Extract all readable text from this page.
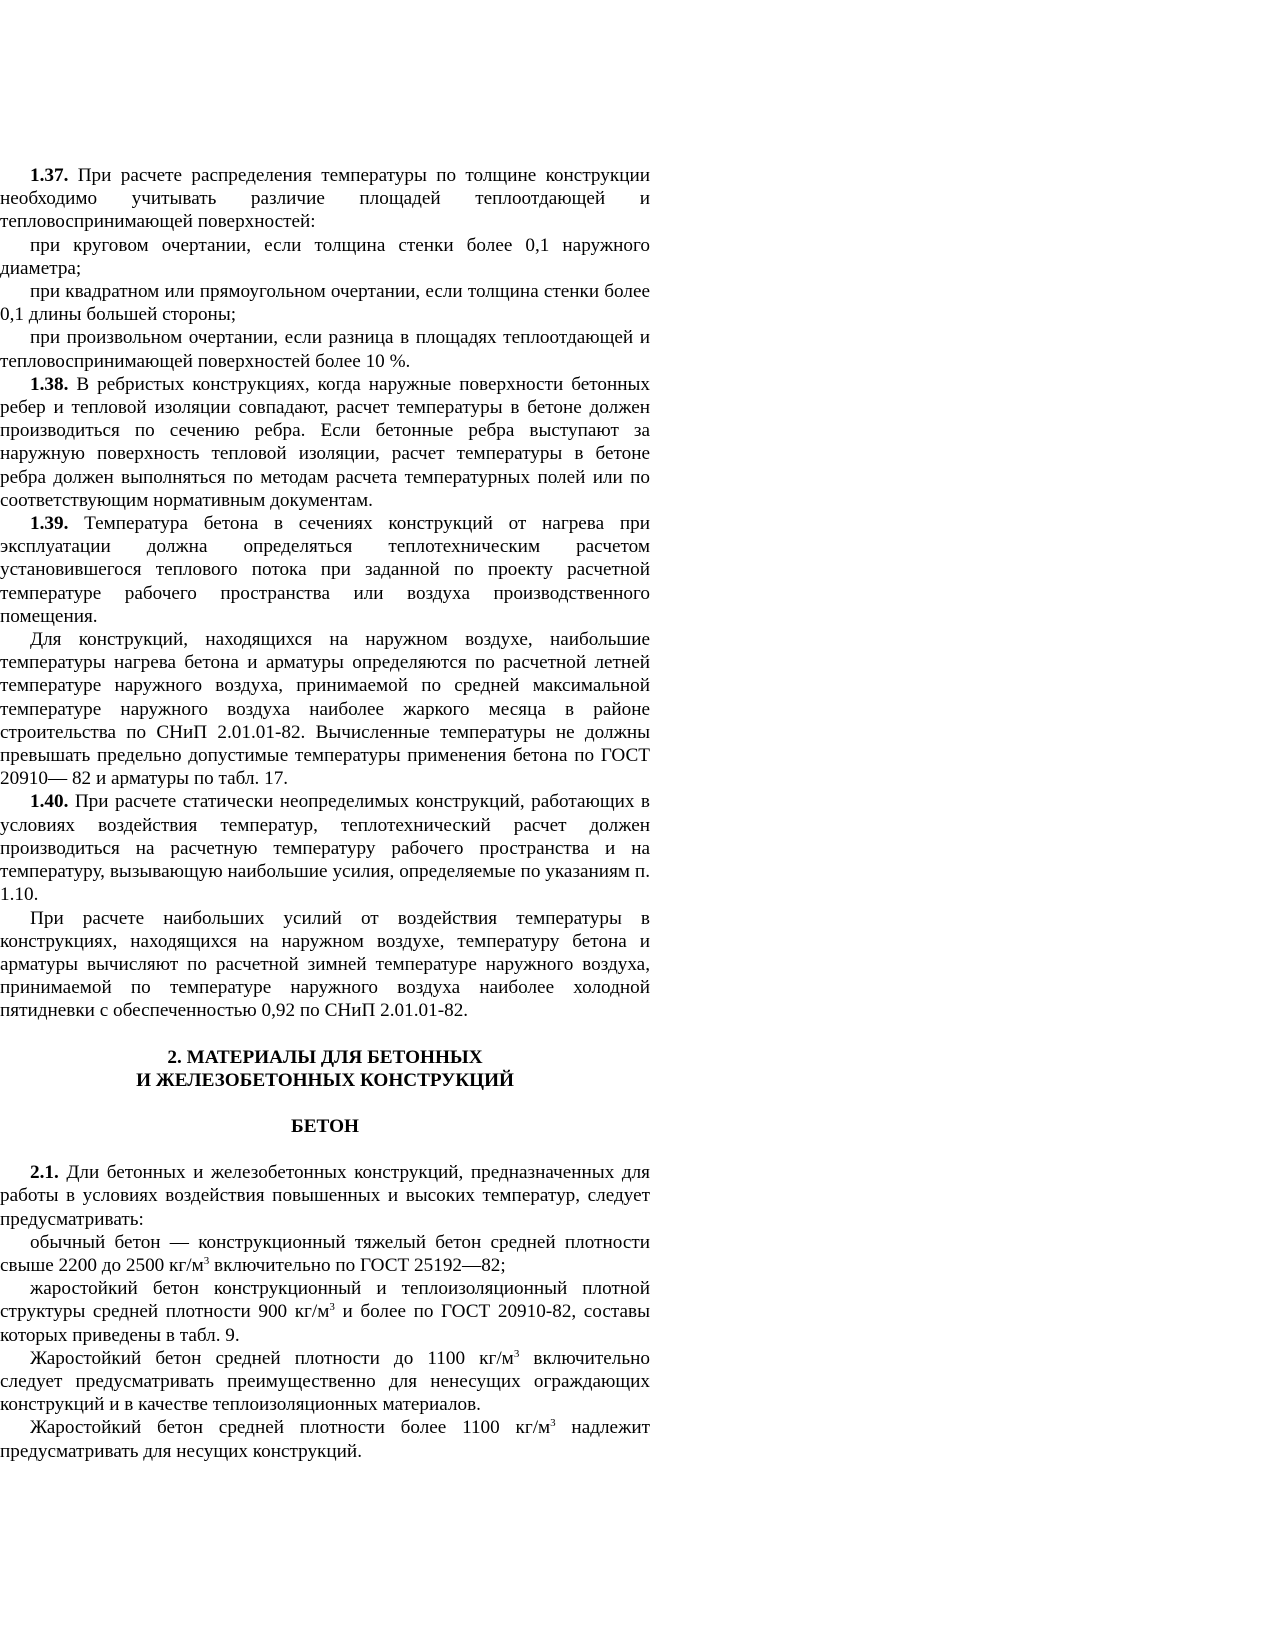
1.37. При расчете распределения температуры по толщине конструкции необходимо учитывать различие площадей теплоотдающей и тепловоспринимающей поверхностей:

при круговом очертании, если толщина стенки более 0,1 наружного диаметра;

при квадратном или прямоугольном очертании, если толщина стенки более 0,1 длины большей стороны;

при произвольном очертании, если разница в площадях теплоотдающей и тепловоспринимающей поверхностей более 10 %.

1.38. В ребристых конструкциях, когда наружные поверхности бетонных ребер и тепловой изоляции совпадают, расчет температуры в бетоне должен производиться по сечению ребра. Если бетонные ребра выступают за наружную поверхность тепловой изоляции, расчет температуры в бетоне ребра должен выполняться по методам расчета температурных полей или по соответствующим нормативным документам.

1.39. Температура бетона в сечениях конструкций от нагрева при эксплуатации должна определяться теплотехническим расчетом установившегося теплового потока при заданной по проекту расчетной температуре рабочего пространства или воздуха производственного помещения.

Для конструкций, находящихся на наружном воздухе, наибольшие температуры нагрева бетона и арматуры определяются по расчетной летней температуре наружного воздуха, принимаемой по средней максимальной температуре наружного воздуха наиболее жаркого месяца в районе строительства по СНиП 2.01.01-82. Вычисленные температуры не должны превышать предельно допустимые температуры применения бетона по ГОСТ 20910— 82 и арматуры по табл. 17.

1.40. При расчете статически неопределимых конструкций, работающих в условиях воздействия температур, теплотехнический расчет должен производиться на расчетную температуру рабочего пространства и на температуру, вызывающую наибольшие усилия, определяемые по указаниям п. 1.10.

При расчете наибольших усилий от воздействия температуры в конструкциях, находящихся на наружном воздухе, температуру бетона и арматуры вычисляют по расчетной зимней температуре наружного воздуха, принимаемой по температуре наружного воздуха наиболее холодной пятидневки с обеспеченностью 0,92 по СНиП 2.01.01-82.

2. МАТЕРИАЛЫ ДЛЯ БЕТОННЫХ
И ЖЕЛЕЗОБЕТОННЫХ КОНСТРУКЦИЙ

БЕТОН

2.1. Дли бетонных и железобетонных конструкций, предназначенных для работы в условиях воздействия повышенных и высоких температур, следует предусматривать:

обычный бетон — конструкционный тяжелый бетон средней плотности свыше 2200 до 2500 $кг/м^3$ включительно по ГОСТ 25192—82;

жаростойкий бетон конструкционный и теплоизоляционный плотной структуры средней плотности 900 $кг/м^3$ и более по ГОСТ 20910-82, составы которых приведены в табл. 9.

Жаростойкий бетон средней плотности до 1100 $кг/м^3$ включительно следует предусматривать преимущественно для ненесущих ограждающих конструкций и в качестве теплоизоляционных материалов.

Жаростойкий бетон средней плотности более 1100 $кг/м^3$ надлежит предусматривать для несущих конструкций.
